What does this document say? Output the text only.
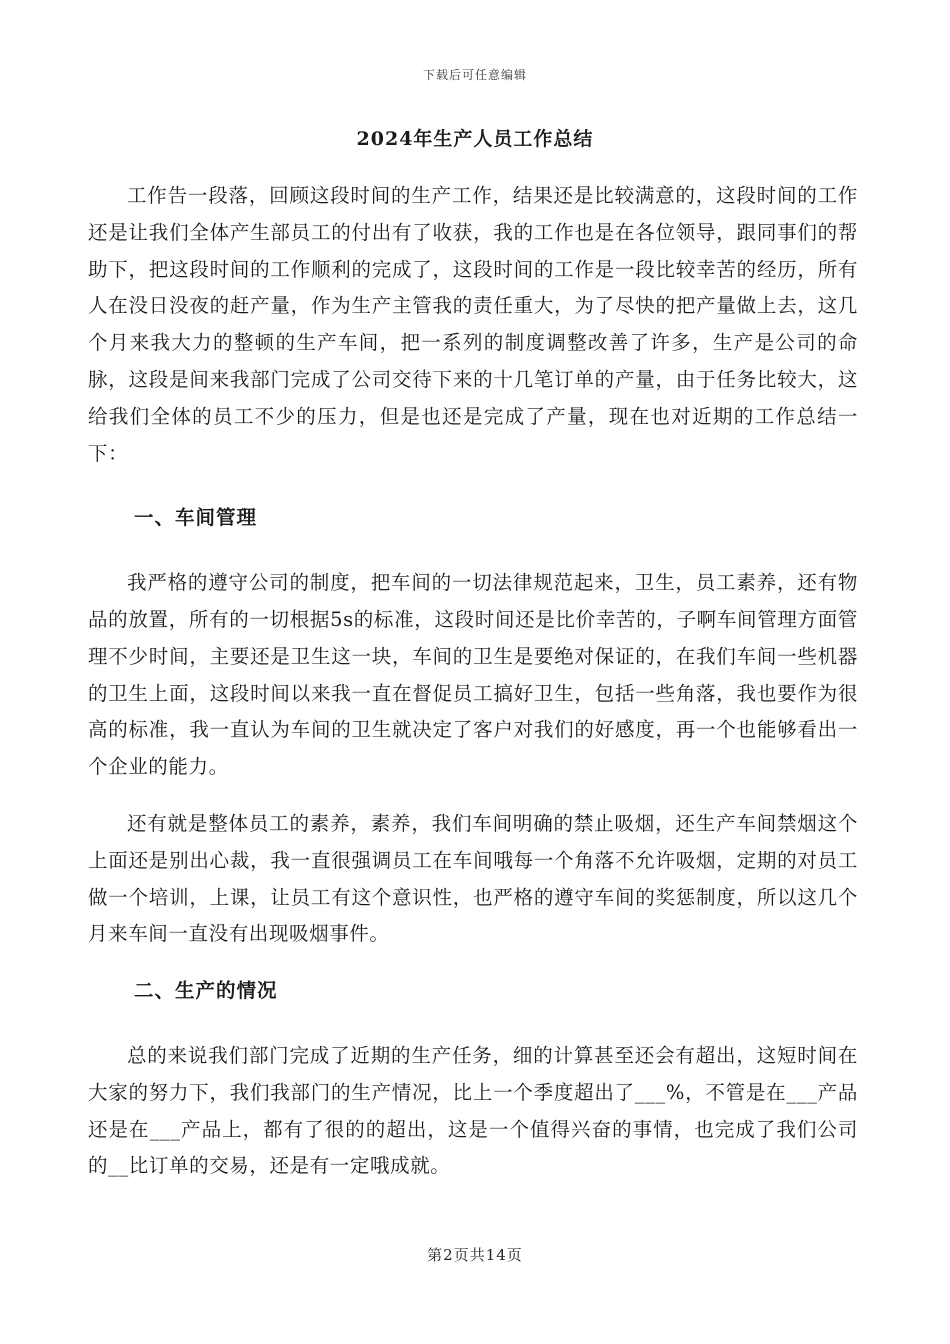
下载后可任意编辑
2024年生产人员工作总结

工作告一段落，回顾这段时间的生产工作，结果还是比较满意的，这段时间的工作还是让我们全体产生部员工的付出有了收获，我的工作也是在各位领导，跟同事们的帮助下，把这段时间的工作顺利的完成了，这段时间的工作是一段比较幸苦的经历，所有人在没日没夜的赶产量，作为生产主管我的责任重大，为了尽快的把产量做上去，这几个月来我大力的整顿的生产车间，把一系列的制度调整改善了许多，生产是公司的命脉，这段是间来我部门完成了公司交待下来的十几笔订单的产量，由于任务比较大，这给我们全体的员工不少的压力，但是也还是完成了产量，现在也对近期的工作总结一下：

一、车间管理

我严格的遵守公司的制度，把车间的一切法律规范起来，卫生，员工素养，还有物品的放置，所有的一切根据5s的标准，这段时间还是比价幸苦的，子啊车间管理方面管理不少时间，主要还是卫生这一块，车间的卫生是要绝对保证的，在我们车间一些机器的卫生上面，这段时间以来我一直在督促员工搞好卫生，包括一些角落，我也要作为很高的标准，我一直认为车间的卫生就决定了客户对我们的好感度，再一个也能够看出一个企业的能力。

还有就是整体员工的素养，素养，我们车间明确的禁止吸烟，还生产车间禁烟这个上面还是别出心裁，我一直很强调员工在车间哦每一个角落不允许吸烟，定期的对员工做一个培训，上课，让员工有这个意识性，也严格的遵守车间的奖惩制度，所以这几个月来车间一直没有出现吸烟事件。

二、生产的情况

总的来说我们部门完成了近期的生产任务，细的计算甚至还会有超出，这短时间在大家的努力下，我们我部门的生产情况，比上一个季度超出了___%，不管是在___产品还是在___产品上，都有了很的的超出，这是一个值得兴奋的事情，也完成了我们公司的__比订单的交易，还是有一定哦成就。

第2页共14页
